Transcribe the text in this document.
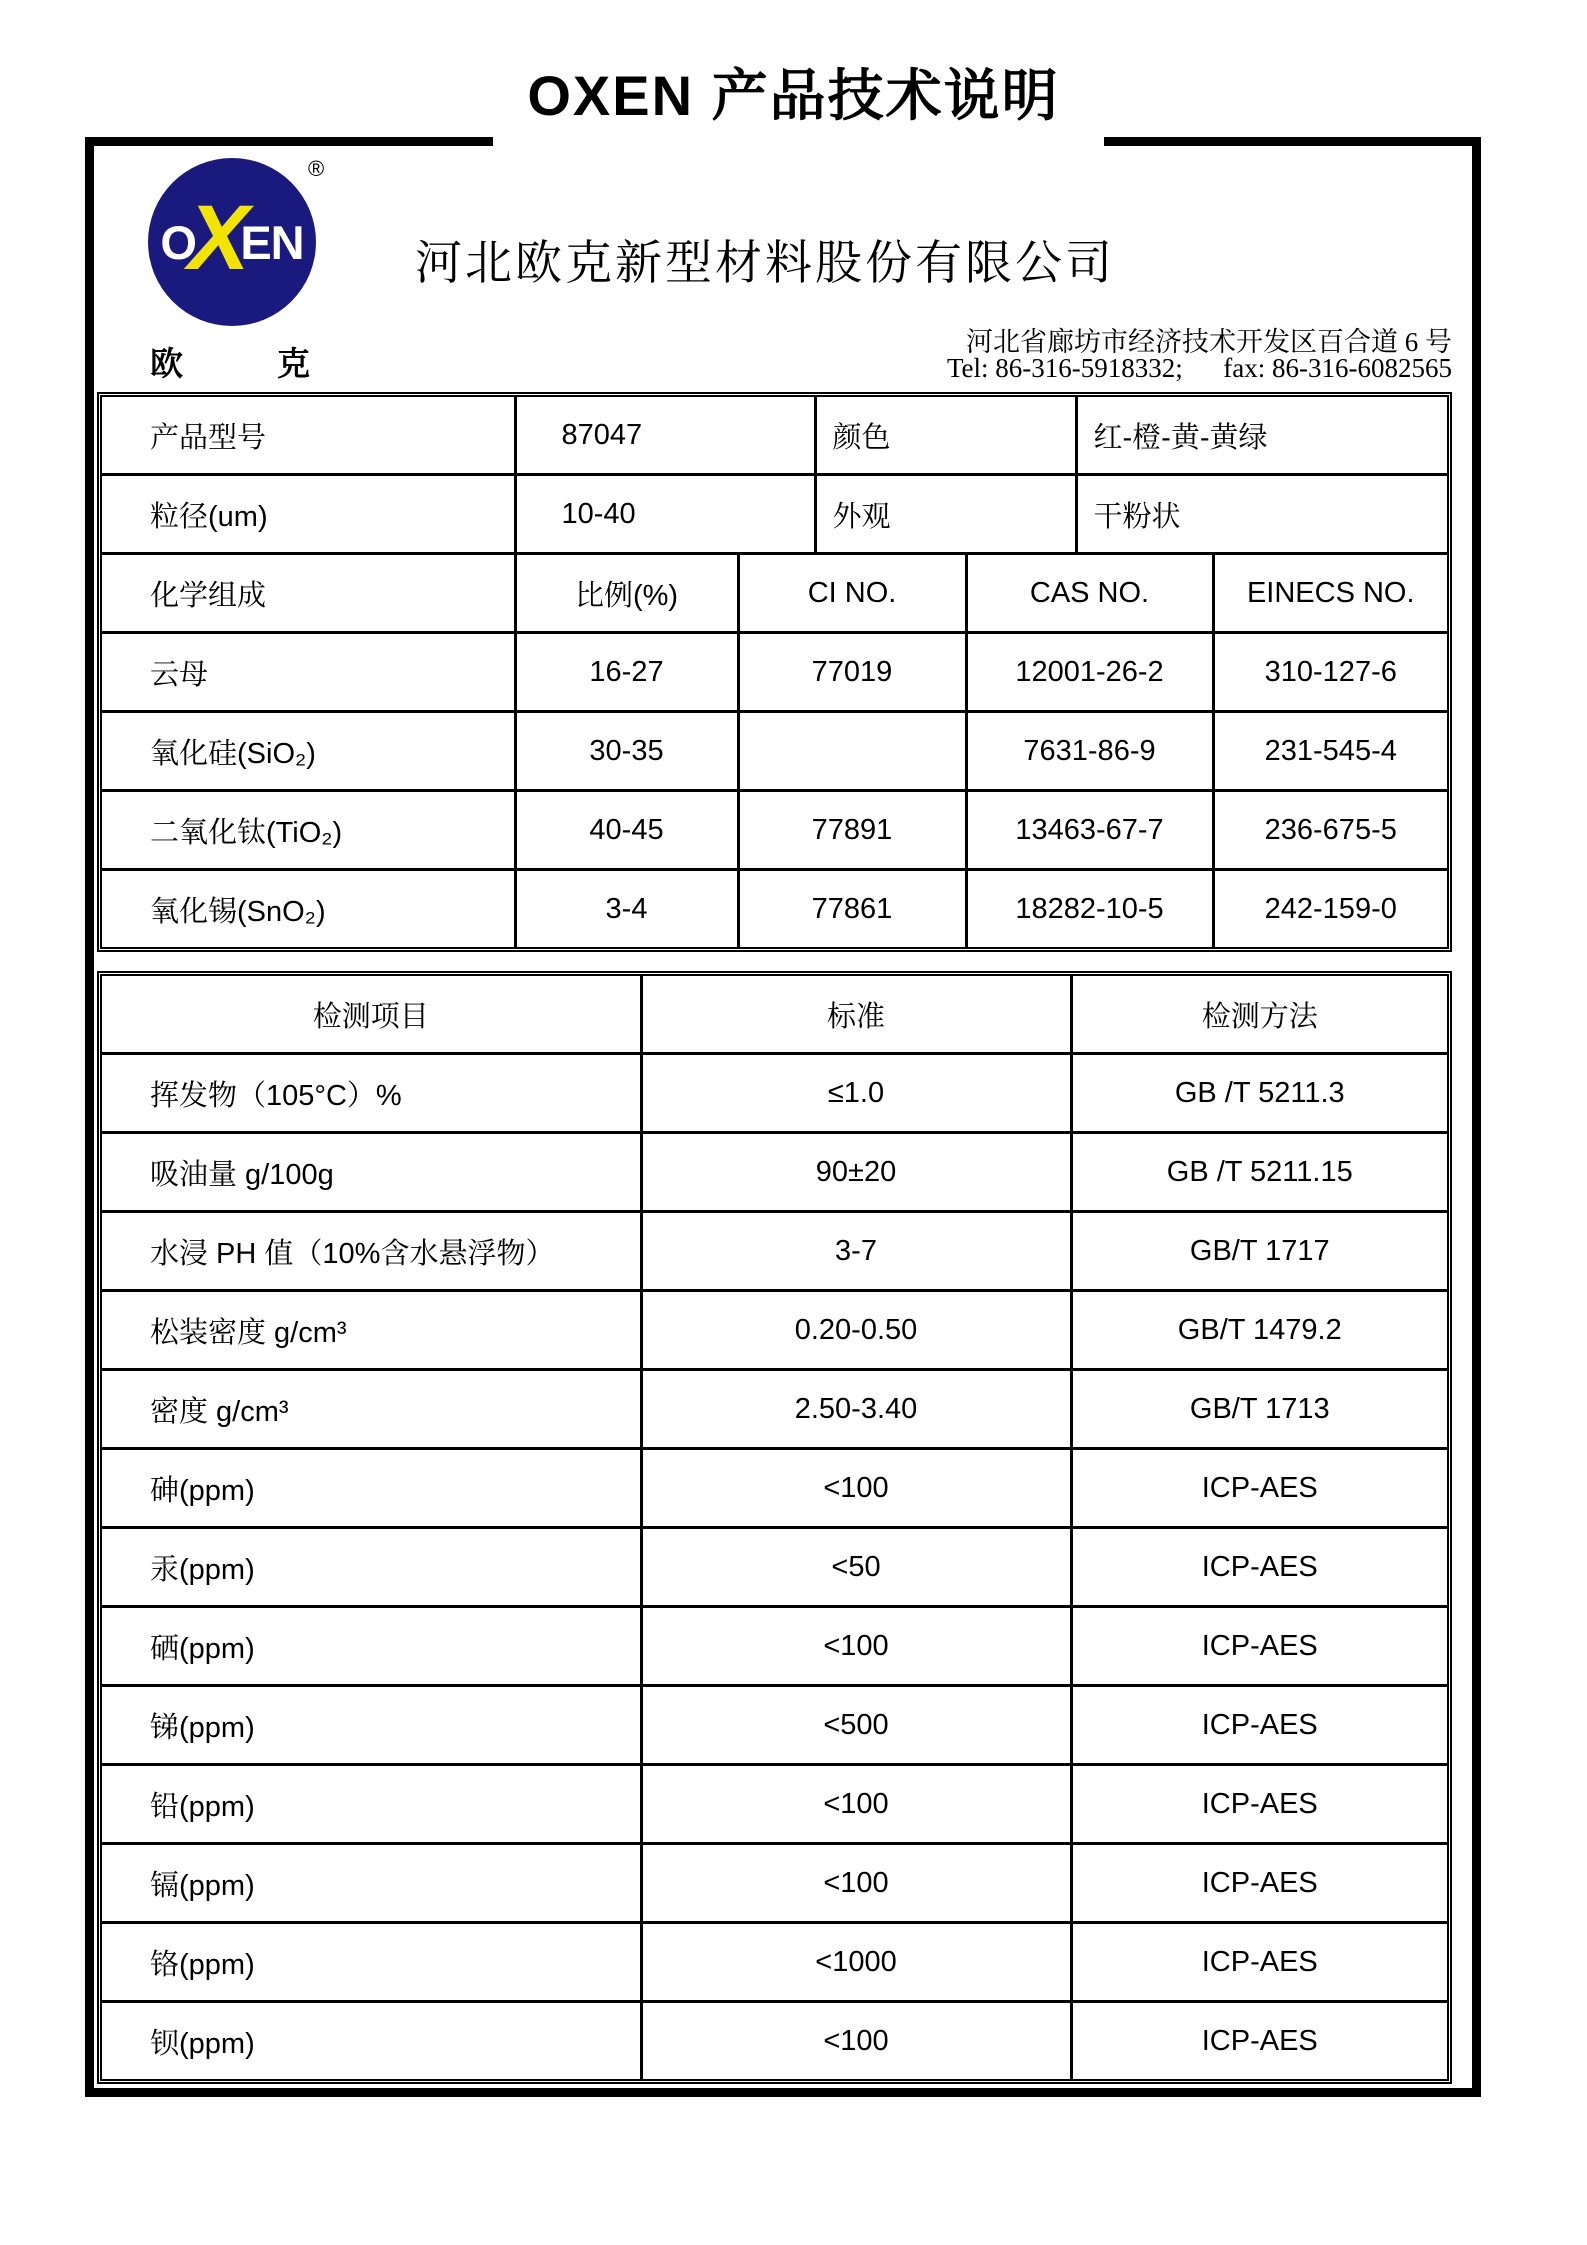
OXEN 产品技术说明
O
X
EN
®
欧	克
河北欧克新型材料股份有限公司
河北省廊坊市经济技术开发区百合道 6 号
Tel: 86-316-5918332;      fax: 86-316-6082565
产品型号	87047	颜色	红-橙-黄-黄绿
粒径(um)	10-40	外观	干粉状
化学组成	比例(%)	CI NO.	CAS NO.	EINECS NO.
云母	16-27	77019	12001-26-2	310-127-6
氧化硅(SiO₂)	30-35		7631-86-9	231-545-4
二氧化钛(TiO₂)	40-45	77891	13463-67-7	236-675-5
氧化锡(SnO₂)	3-4	77861	18282-10-5	242-159-0
检测项目	标准	检测方法
挥发物（105°C）%	≤1.0	GB /T 5211.3
吸油量 g/100g	90±20	GB /T 5211.15
水浸 PH 值（10%含水悬浮物）	3-7	GB/T 1717
松装密度 g/cm³	0.20-0.50	GB/T 1479.2
密度 g/cm³	2.50-3.40	GB/T 1713
砷(ppm)	<100	ICP-AES
汞(ppm)	<50	ICP-AES
硒(ppm)	<100	ICP-AES
锑(ppm)	<500	ICP-AES
铅(ppm)	<100	ICP-AES
镉(ppm)	<100	ICP-AES
铬(ppm)	<1000	ICP-AES
钡(ppm)	<100	ICP-AES
